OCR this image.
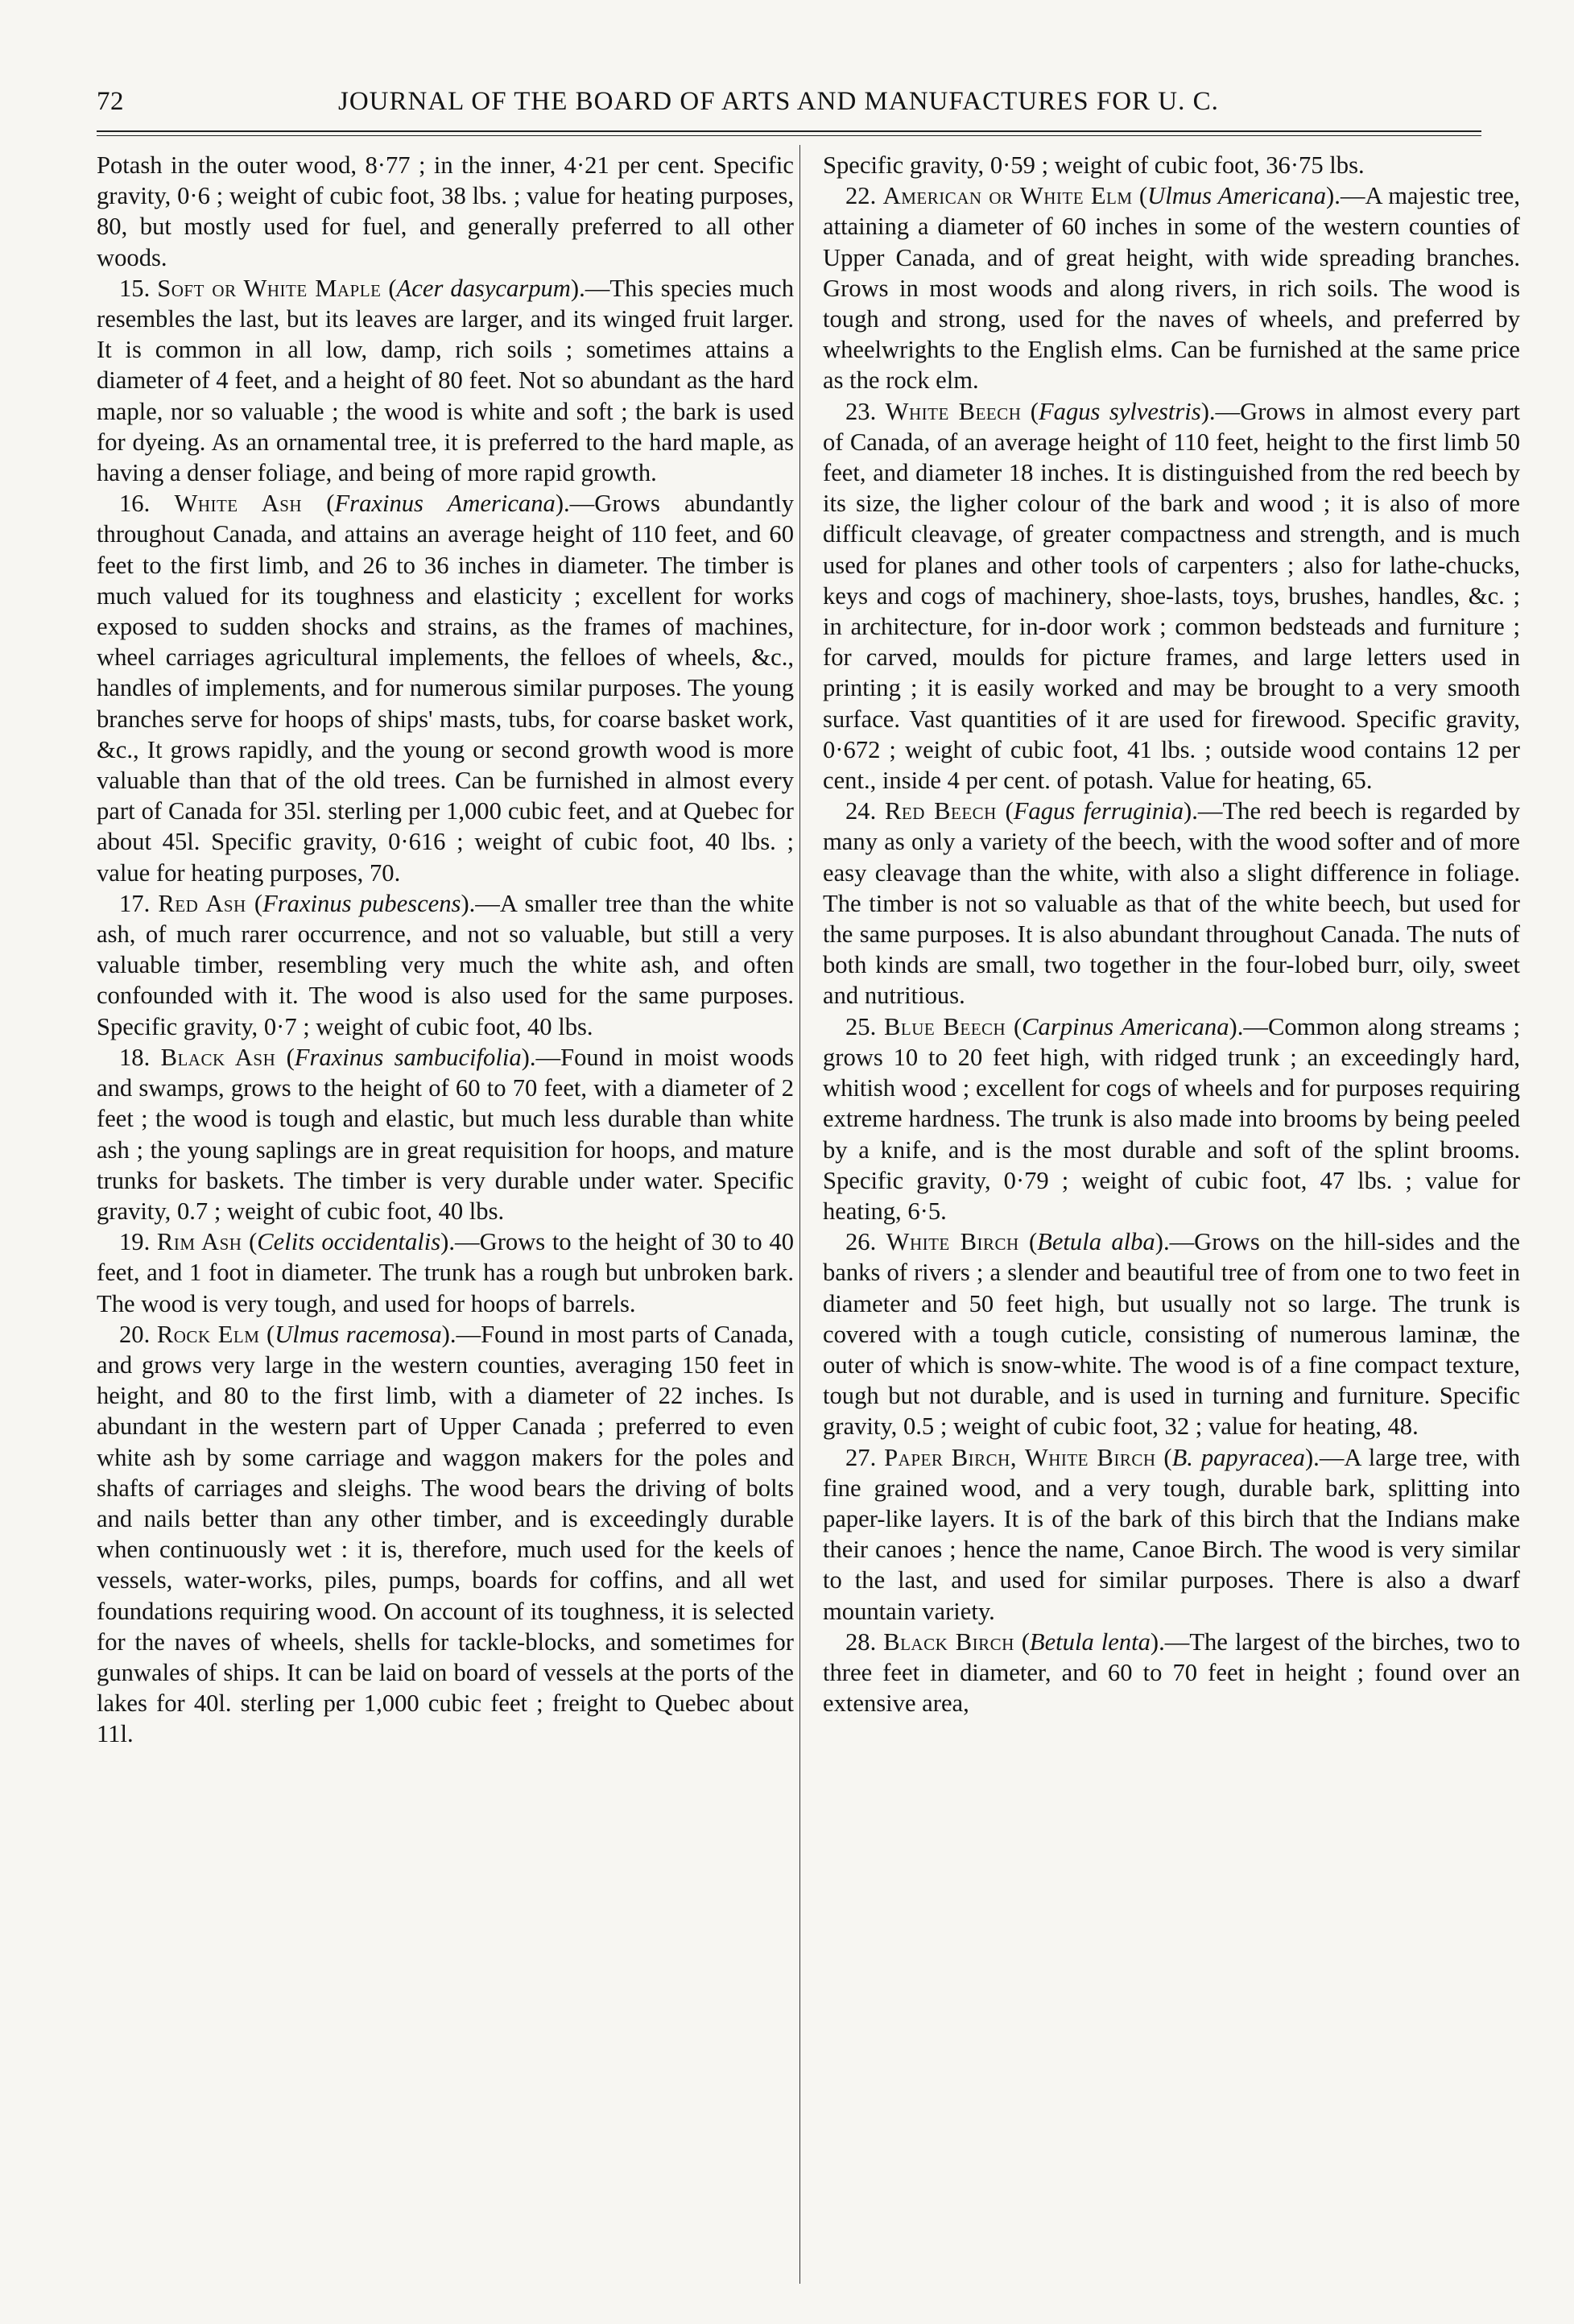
72	JOURNAL OF THE BOARD OF ARTS AND MANUFACTURES FOR U. C.

Potash in the outer wood, 8·77 ; in the inner, 4·21 per cent. Specific gravity, 0·6 ; weight of cubic foot, 38 lbs. ; value for heating purposes, 80, but mostly used for fuel, and generally preferred to all other woods.

15. Soft or White Maple (Acer dasycarpum).—This species much resembles the last, but its leaves are larger, and its winged fruit larger. It is common in all low, damp, rich soils ; sometimes attains a diameter of 4 feet, and a height of 80 feet. Not so abundant as the hard maple, nor so valuable ; the wood is white and soft ; the bark is used for dyeing. As an ornamental tree, it is preferred to the hard maple, as having a denser foliage, and being of more rapid growth.

16. White Ash (Fraxinus Americana).—Grows abundantly throughout Canada, and attains an average height of 110 feet, and 60 feet to the first limb, and 26 to 36 inches in diameter. The timber is much valued for its toughness and elasticity ; excellent for works exposed to sudden shocks and strains, as the frames of machines, wheel carriages agricultural implements, the felloes of wheels, &c., handles of implements, and for numerous similar purposes. The young branches serve for hoops of ships' masts, tubs, for coarse basket work, &c., It grows rapidly, and the young or second growth wood is more valuable than that of the old trees. Can be furnished in almost every part of Canada for 35l. sterling per 1,000 cubic feet, and at Quebec for about 45l. Specific gravity, 0·616 ; weight of cubic foot, 40 lbs. ; value for heating purposes, 70.

17. Red Ash (Fraxinus pubescens).—A smaller tree than the white ash, of much rarer occurrence, and not so valuable, but still a very valuable timber, resembling very much the white ash, and often confounded with it. The wood is also used for the same purposes. Specific gravity, 0·7 ; weight of cubic foot, 40 lbs.

18. Black Ash (Fraxinus sambucifolia).—Found in moist woods and swamps, grows to the height of 60 to 70 feet, with a diameter of 2 feet ; the wood is tough and elastic, but much less durable than white ash ; the young saplings are in great requisition for hoops, and mature trunks for baskets. The timber is very durable under water. Specific gravity, 0.7 ; weight of cubic foot, 40 lbs.

19. Rim Ash (Celits occidentalis).—Grows to the height of 30 to 40 feet, and 1 foot in diameter. The trunk has a rough but unbroken bark. The wood is very tough, and used for hoops of barrels.

20. Rock Elm (Ulmus racemosa).—Found in most parts of Canada, and grows very large in the western counties, averaging 150 feet in height, and 80 to the first limb, with a diameter of 22 inches. Is abundant in the western part of Upper Canada ; preferred to even white ash by some carriage and waggon makers for the poles and shafts of carriages and sleighs. The wood bears the driving of bolts and nails better than any other timber, and is exceedingly durable when continuously wet : it is, therefore, much used for the keels of vessels, water-works, piles, pumps, boards for coffins, and all wet foundations requiring wood. On account of its toughness, it is selected for the naves of wheels, shells for tackle-blocks, and sometimes for gunwales of ships. It can be laid on board of vessels at the ports of the lakes for 40l. sterling per 1,000 cubic feet ; freight to Quebec about 11l.

Specific gravity, 0·59 ; weight of cubic foot, 36·75 lbs.

22. American or White Elm (Ulmus Americana).—A majestic tree, attaining a diameter of 60 inches in some of the western counties of Upper Canada, and of great height, with wide spreading branches. Grows in most woods and along rivers, in rich soils. The wood is tough and strong, used for the naves of wheels, and preferred by wheelwrights to the English elms. Can be furnished at the same price as the rock elm.

23. White Beech (Fagus sylvestris).—Grows in almost every part of Canada, of an average height of 110 feet, height to the first limb 50 feet, and diameter 18 inches. It is distinguished from the red beech by its size, the ligher colour of the bark and wood ; it is also of more difficult cleavage, of greater compactness and strength, and is much used for planes and other tools of carpenters ; also for lathe-chucks, keys and cogs of machinery, shoe-lasts, toys, brushes, handles, &c. ; in architecture, for in-door work ; common bedsteads and furniture ; for carved, moulds for picture frames, and large letters used in printing ; it is easily worked and may be brought to a very smooth surface. Vast quantities of it are used for firewood. Specific gravity, 0·672 ; weight of cubic foot, 41 lbs. ; outside wood contains 12 per cent., inside 4 per cent. of potash. Value for heating, 65.

24. Red Beech (Fagus ferruginia).—The red beech is regarded by many as only a variety of the beech, with the wood softer and of more easy cleavage than the white, with also a slight difference in foliage. The timber is not so valuable as that of the white beech, but used for the same purposes. It is also abundant throughout Canada. The nuts of both kinds are small, two together in the four-lobed burr, oily, sweet and nutritious.

25. Blue Beech (Carpinus Americana).—Common along streams ; grows 10 to 20 feet high, with ridged trunk ; an exceedingly hard, whitish wood ; excellent for cogs of wheels and for purposes requiring extreme hardness. The trunk is also made into brooms by being peeled by a knife, and is the most durable and soft of the splint brooms. Specific gravity, 0·79 ; weight of cubic foot, 47 lbs. ; value for heating, 6·5.

26. White Birch (Betula alba).—Grows on the hill-sides and the banks of rivers ; a slender and beautiful tree of from one to two feet in diameter and 50 feet high, but usually not so large. The trunk is covered with a tough cuticle, consisting of numerous laminæ, the outer of which is snow-white. The wood is of a fine compact texture, tough but not durable, and is used in turning and furniture. Specific gravity, 0.5 ; weight of cubic foot, 32 ; value for heating, 48.

27. Paper Birch, White Birch (B. papyracea).—A large tree, with fine grained wood, and a very tough, durable bark, splitting into paper-like layers. It is of the bark of this birch that the Indians make their canoes ; hence the name, Canoe Birch. The wood is very similar to the last, and used for similar purposes. There is also a dwarf mountain variety.

28. Black Birch (Betula lenta).—The largest of the birches, two to three feet in diameter, and 60 to 70 feet in height ; found over an extensive area,
